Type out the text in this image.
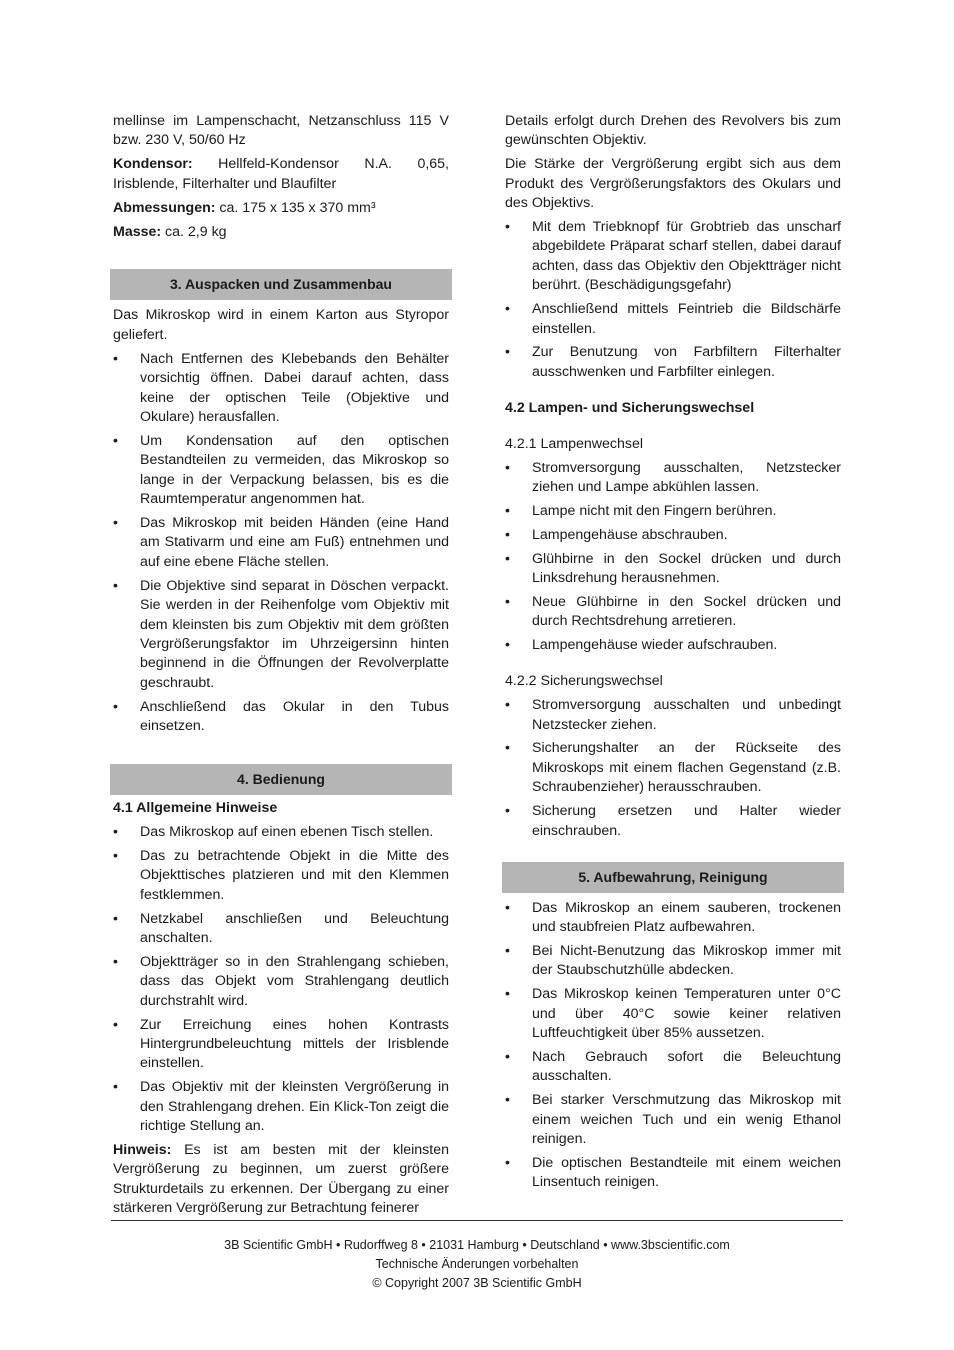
mellinse im Lampenschacht, Netzanschluss 115 V bzw. 230 V, 50/60 Hz

Kondensor: Hellfeld-Kondensor N.A. 0,65, Irisblende, Filterhalter und Blaufilter

Abmessungen: ca. 175 x 135 x 370 mm³

Masse: ca. 2,9 kg

3. Auspacken und Zusammenbau

Das Mikroskop wird in einem Karton aus Styropor geliefert.

• Nach Entfernen des Klebebands den Behälter vorsichtig öffnen. Dabei darauf achten, dass keine der optischen Teile (Objektive und Okulare) herausfallen.
• Um Kondensation auf den optischen Bestandteilen zu vermeiden, das Mikroskop so lange in der Verpackung belassen, bis es die Raumtemperatur angenommen hat.
• Das Mikroskop mit beiden Händen (eine Hand am Stativarm und eine am Fuß) entnehmen und auf eine ebene Fläche stellen.
• Die Objektive sind separat in Döschen verpackt. Sie werden in der Reihenfolge vom Objektiv mit dem kleinsten bis zum Objektiv mit dem größten Vergrößerungsfaktor im Uhrzeigersinn hinten beginnend in die Öffnungen der Revolverplatte geschraubt.
• Anschließend das Okular in den Tubus einsetzen.
4. Bedienung
4.1 Allgemeine Hinweise
• Das Mikroskop auf einen ebenen Tisch stellen.
• Das zu betrachtende Objekt in die Mitte des Objekttisches platzieren und mit den Klemmen festklemmen.
• Netzkabel anschließen und Beleuchtung anschalten.
• Objektträger so in den Strahlengang schieben, dass das Objekt vom Strahlengang deutlich durchstrahlt wird.
• Zur Erreichung eines hohen Kontrasts Hintergrundbeleuchtung mittels der Irisblende einstellen.
• Das Objektiv mit der kleinsten Vergrößerung in den Strahlengang drehen. Ein Klick-Ton zeigt die richtige Stellung an.

Hinweis: Es ist am besten mit der kleinsten Vergrößerung zu beginnen, um zuerst größere Strukturdetails zu erkennen. Der Übergang zu einer stärkeren Vergrößerung zur Betrachtung feinerer

Details erfolgt durch Drehen des Revolvers bis zum gewünschten Objektiv.

Die Stärke der Vergrößerung ergibt sich aus dem Produkt des Vergrößerungsfaktors des Okulars und des Objektivs.

• Mit dem Triebknopf für Grobtrieb das unscharf abgebildete Präparat scharf stellen, dabei darauf achten, dass das Objektiv den Objektträger nicht berührt. (Beschädigungsgefahr)
• Anschließend mittels Feintrieb die Bildschärfe einstellen.
• Zur Benutzung von Farbfiltern Filterhalter ausschwenken und Farbfilter einlegen.
4.2 Lampen- und Sicherungswechsel
4.2.1 Lampenwechsel
• Stromversorgung ausschalten, Netzstecker ziehen und Lampe abkühlen lassen.
• Lampe nicht mit den Fingern berühren.
• Lampengehäuse abschrauben.
• Glühbirne in den Sockel drücken und durch Linksdrehung herausnehmen.
• Neue Glühbirne in den Sockel drücken und durch Rechtsdrehung arretieren.
• Lampengehäuse wieder aufschrauben.
4.2.2 Sicherungswechsel
• Stromversorgung ausschalten und unbedingt Netzstecker ziehen.
• Sicherungshalter an der Rückseite des Mikroskops mit einem flachen Gegenstand (z.B. Schraubenzieher) herausschrauben.
• Sicherung ersetzen und Halter wieder einschrauben.
5. Aufbewahrung, Reinigung
• Das Mikroskop an einem sauberen, trockenen und staubfreien Platz aufbewahren.
• Bei Nicht-Benutzung das Mikroskop immer mit der Staubschutzhülle abdecken.
• Das Mikroskop keinen Temperaturen unter 0°C und über 40°C sowie keiner relativen Luftfeuchtigkeit über 85% aussetzen.
• Nach Gebrauch sofort die Beleuchtung ausschalten.
• Bei starker Verschmutzung das Mikroskop mit einem weichen Tuch und ein wenig Ethanol reinigen.
• Die optischen Bestandteile mit einem weichen Linsentuch reinigen.
3B Scientific GmbH • Rudorffweg 8 • 21031 Hamburg • Deutschland • www.3bscientific.com
Technische Änderungen vorbehalten
© Copyright 2007 3B Scientific GmbH
